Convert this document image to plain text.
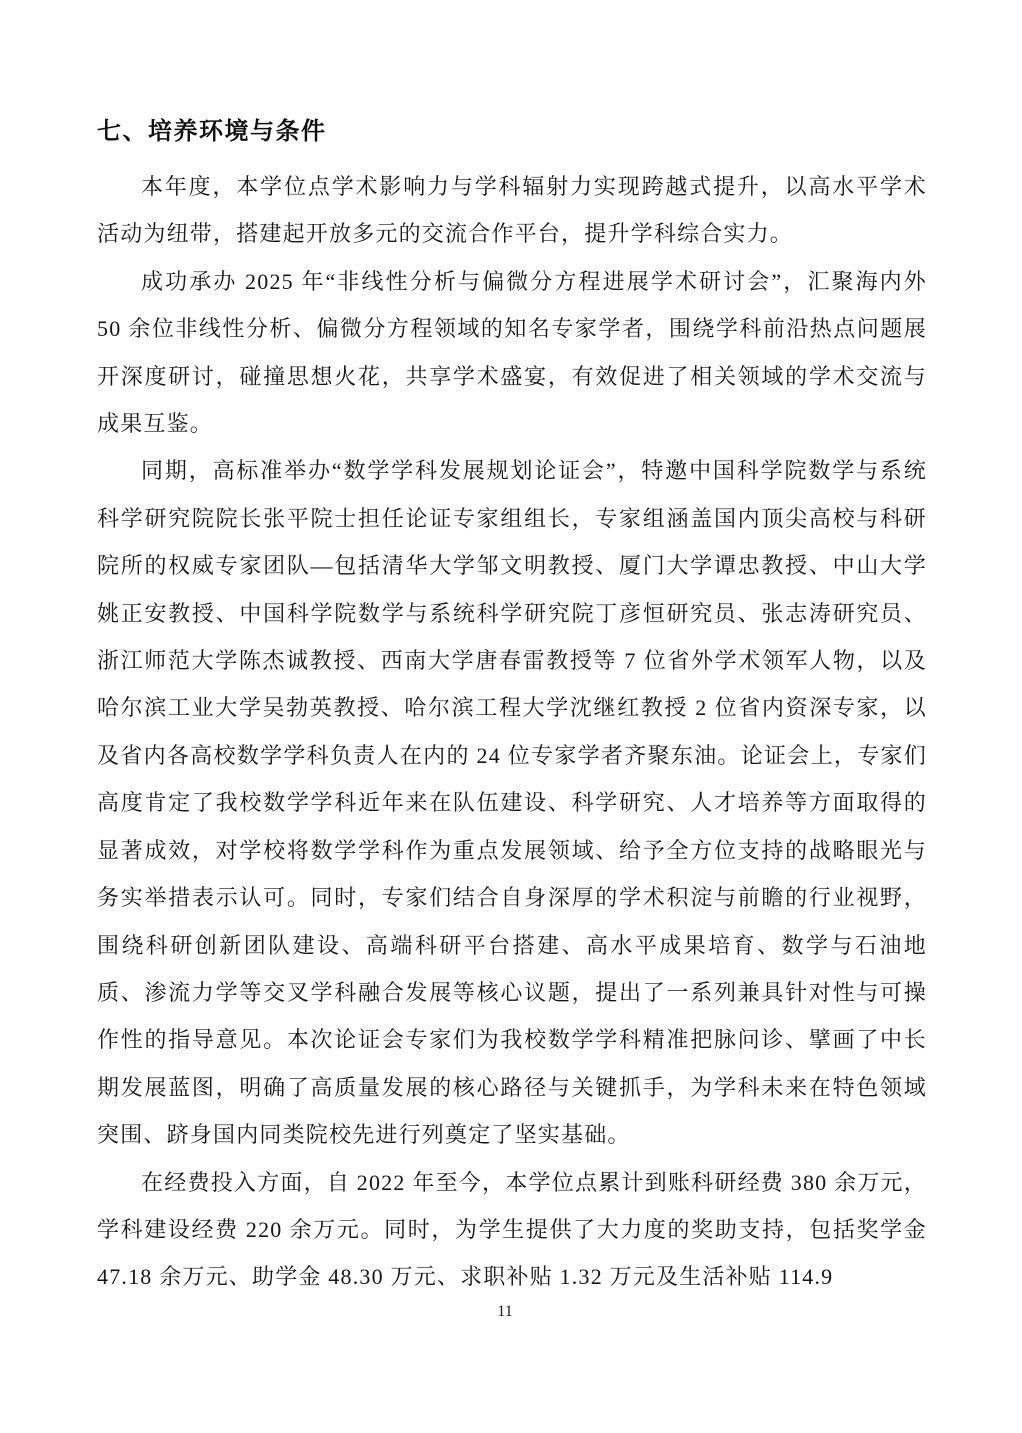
七、培养环境与条件

本年度，本学位点学术影响力与学科辐射力实现跨越式提升，以高水平学术活动为纽带，搭建起开放多元的交流合作平台，提升学科综合实力。

成功承办 2025 年“非线性分析与偏微分方程进展学术研讨会”，汇聚海内外 50 余位非线性分析、偏微分方程领域的知名专家学者，围绕学科前沿热点问题展开深度研讨，碰撞思想火花，共享学术盛宴，有效促进了相关领域的学术交流与成果互鉴。

同期，高标准举办“数学学科发展规划论证会”，特邀中国科学院数学与系统科学研究院院长张平院士担任论证专家组组长，专家组涵盖国内顶尖高校与科研院所的权威专家团队—包括清华大学邹文明教授、厦门大学谭忠教授、中山大学姚正安教授、中国科学院数学与系统科学研究院丁彦恒研究员、张志涛研究员、浙江师范大学陈杰诚教授、西南大学唐春雷教授等 7 位省外学术领军人物，以及哈尔滨工业大学吴勃英教授、哈尔滨工程大学沈继红教授 2 位省内资深专家，以及省内各高校数学学科负责人在内的 24 位专家学者齐聚东油。论证会上，专家们高度肯定了我校数学学科近年来在队伍建设、科学研究、人才培养等方面取得的显著成效，对学校将数学学科作为重点发展领域、给予全方位支持的战略眼光与务实举措表示认可。同时，专家们结合自身深厚的学术积淀与前瞻的行业视野，围绕科研创新团队建设、高端科研平台搭建、高水平成果培育、数学与石油地质、渗流力学等交叉学科融合发展等核心议题，提出了一系列兼具针对性与可操作性的指导意见。本次论证会专家们为我校数学学科精准把脉问诊、擘画了中长期发展蓝图，明确了高质量发展的核心路径与关键抓手，为学科未来在特色领域突围、跻身国内同类院校先进行列奠定了坚实基础。

在经费投入方面，自 2022 年至今，本学位点累计到账科研经费 380 余万元，学科建设经费 220 余万元。同时，为学生提供了大力度的奖助支持，包括奖学金 47.18 余万元、助学金 48.30 万元、求职补贴 1.32 万元及生活补贴 114.9

11
